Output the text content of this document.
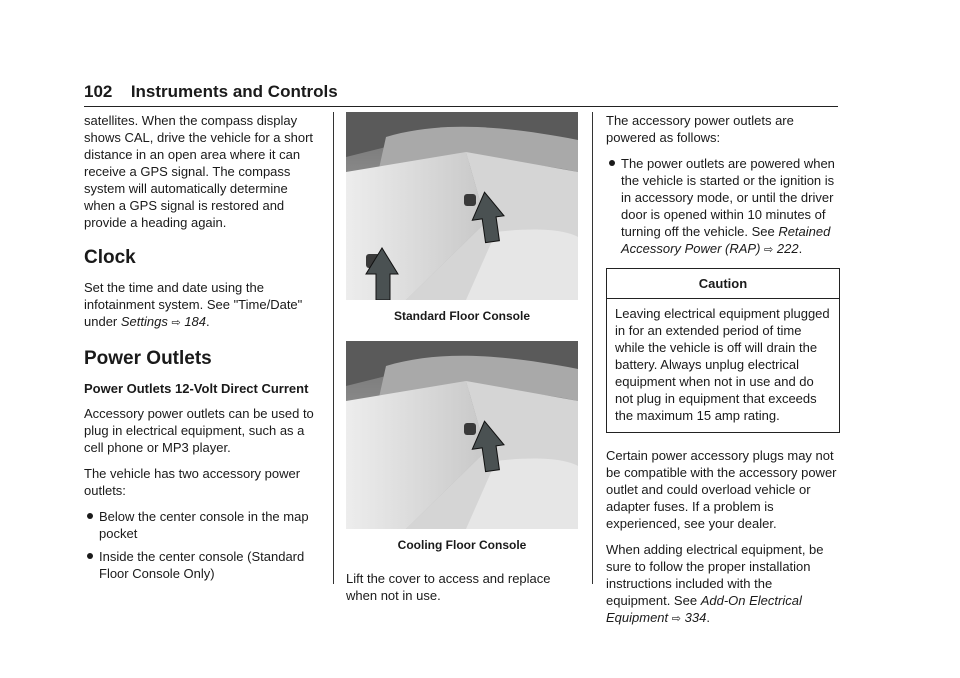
102 Instruments and Controls

satellites. When the compass display shows CAL, drive the vehicle for a short distance in an open area where it can receive a GPS signal. The compass system will automatically determine when a GPS signal is restored and provide a heading again.

Clock

Set the time and date using the infotainment system. See "Time/Date" under Settings ⇨ 184.

Power Outlets
Power Outlets 12-Volt Direct Current

Accessory power outlets can be used to plug in electrical equipment, such as a cell phone or MP3 player.

The vehicle has two accessory power outlets:

Below the center console in the map pocket
Inside the center console (Standard Floor Console Only)
Standard Floor Console
Cooling Floor Console

Lift the cover to access and replace when not in use.

The accessory power outlets are powered as follows:

The power outlets are powered when the vehicle is started or the ignition is in accessory mode, or until the driver door is opened within 10 minutes of turning off the vehicle. See Retained Accessory Power (RAP) ⇨ 222.
Caution
Leaving electrical equipment plugged in for an extended period of time while the vehicle is off will drain the battery. Always unplug electrical equipment when not in use and do not plug in equipment that exceeds the maximum 15 amp rating.

Certain power accessory plugs may not be compatible with the accessory power outlet and could overload vehicle or adapter fuses. If a problem is experienced, see your dealer.

When adding electrical equipment, be sure to follow the proper installation instructions included with the equipment. See Add-On Electrical Equipment ⇨ 334.
